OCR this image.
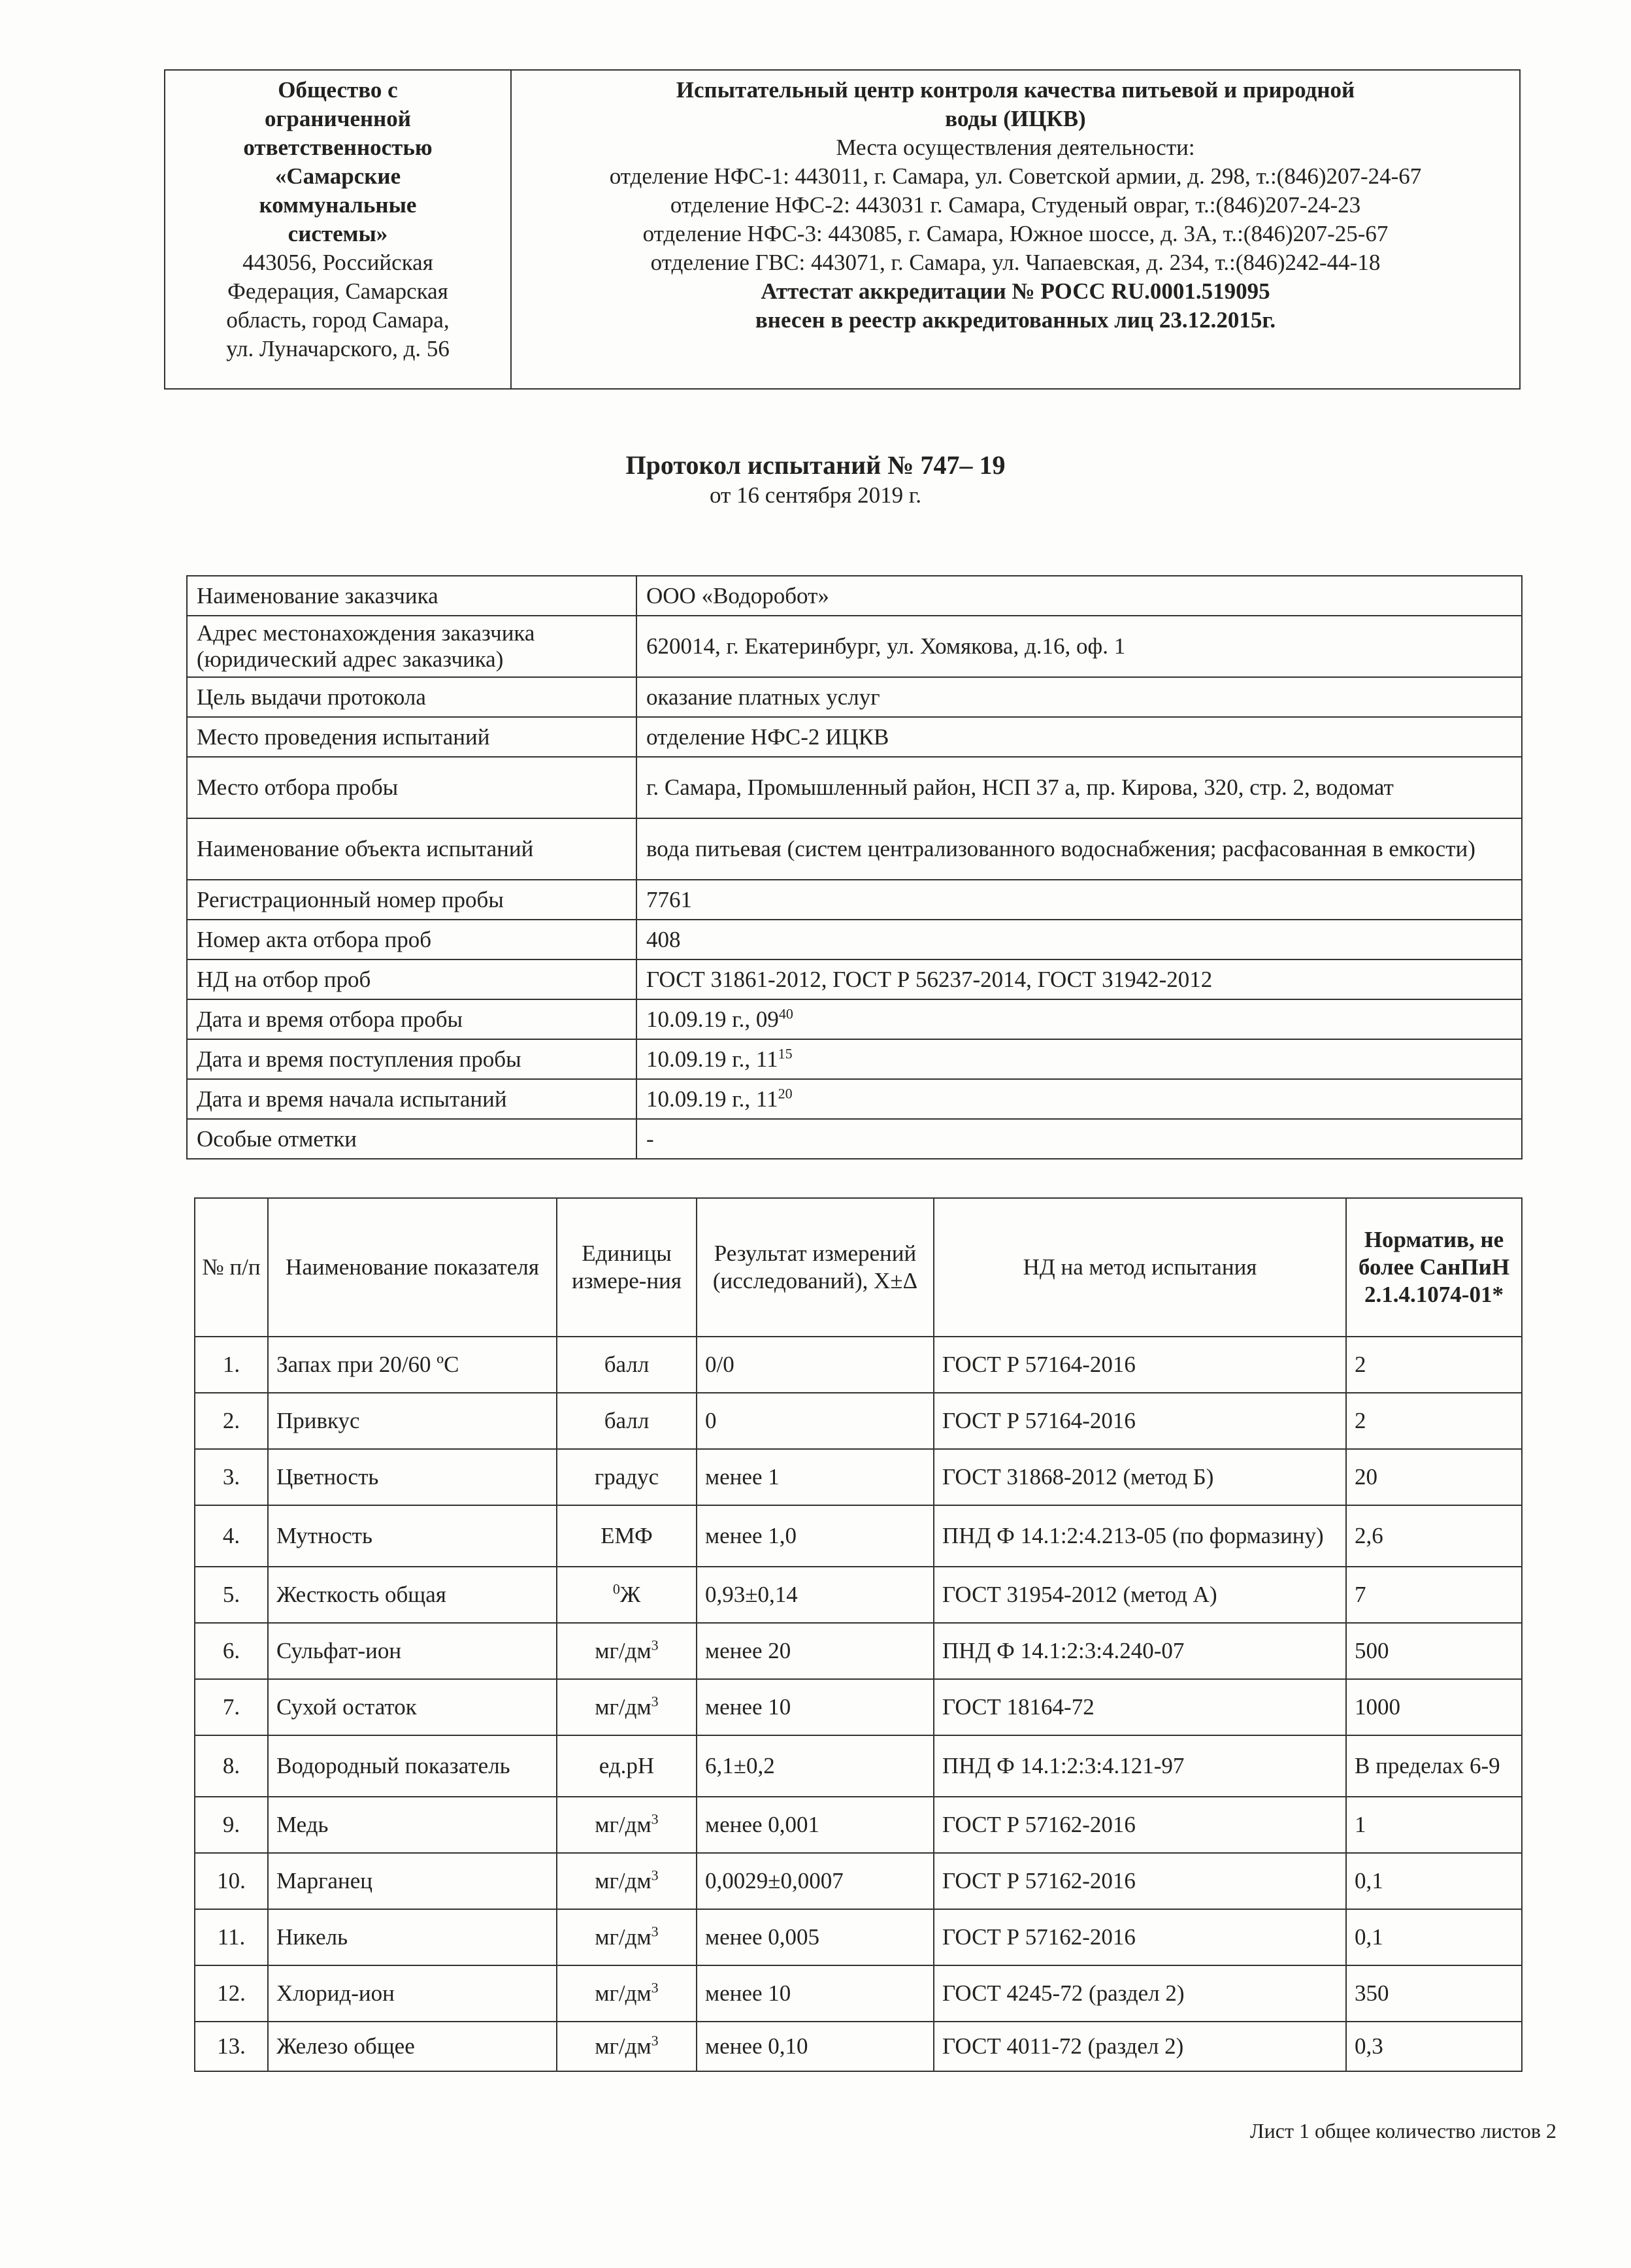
Общество с
ограниченной
ответственностью
«Самарские
коммунальные
системы»
443056, Российская
Федерация, Самарская
область, город Самара,
ул. Луначарского, д. 56

Испытательный центр контроля качества питьевой и природной
воды (ИЦКВ)
Места осуществления деятельности:
отделение НФС-1: 443011, г. Самара, ул. Советской армии, д. 298, т.:(846)207-24-67
отделение НФС-2: 443031 г. Самара, Студеный овраг, т.:(846)207-24-23
отделение НФС-3: 443085, г. Самара, Южное шоссе, д. 3А, т.:(846)207-25-67
отделение ГВС: 443071, г. Самара, ул. Чапаевская, д. 234, т.:(846)242-44-18
Аттестат аккредитации № РОСС RU.0001.519095
внесен в реестр аккредитованных лиц 23.12.2015г.
Протокол испытаний № 747– 19
от 16 сентября 2019 г.
Наименование заказчика	ООО «Водоробот»
Адрес местонахождения заказчика (юридический адрес заказчика)	620014, г. Екатеринбург, ул. Хомякова, д.16, оф. 1
Цель выдачи протокола	оказание платных услуг
Место проведения испытаний	отделение НФС-2 ИЦКВ
Место отбора пробы	г. Самара, Промышленный район, НСП 37 а, пр. Кирова, 320, стр. 2, водомат
Наименование объекта испытаний	вода питьевая (систем централизованного водоснабжения; расфасованная в емкости)
Регистрационный номер пробы	7761
Номер акта отбора проб	408
НД на отбор проб	ГОСТ 31861-2012, ГОСТ Р 56237-2014, ГОСТ 31942-2012
Дата и время отбора пробы	10.09.19 г., $09^{40}$
Дата и время поступления пробы	10.09.19 г., $11^{15}$
Дата и время начала испытаний	10.09.19 г., $11^{20}$
Особые отметки	-
№ п/п	Наименование показателя	Единицы измере-ния	Результат измерений (исследований), X±Δ	НД на метод испытания	Норматив, не более СанПиН 2.1.4.1074-01*
1.	Запах при 20/60 ºС	балл	0/0	ГОСТ Р 57164-2016	2
2.	Привкус	балл	0	ГОСТ Р 57164-2016	2
3.	Цветность	градус	менее 1	ГОСТ 31868-2012 (метод Б)	20
4.	Мутность	ЕМФ	менее 1,0	ПНД Ф 14.1:2:4.213-05 (по формазину)	2,6
5.	Жесткость общая	$^0$Ж	0,93±0,14	ГОСТ 31954-2012 (метод А)	7
6.	Сульфат-ион	$мг/дм^3$	менее 20	ПНД Ф 14.1:2:3:4.240-07	500
7.	Сухой остаток	$мг/дм^3$	менее 10	ГОСТ 18164-72	1000
8.	Водородный показатель	ед.pH	6,1±0,2	ПНД Ф 14.1:2:3:4.121-97	В пределах 6-9
9.	Медь	$мг/дм^3$	менее 0,001	ГОСТ Р 57162-2016	1
10.	Марганец	$мг/дм^3$	0,0029±0,0007	ГОСТ Р 57162-2016	0,1
11.	Никель	$мг/дм^3$	менее 0,005	ГОСТ Р 57162-2016	0,1
12.	Хлорид-ион	$мг/дм^3$	менее 10	ГОСТ 4245-72 (раздел 2)	350
13.	Железо общее	$мг/дм^3$	менее 0,10	ГОСТ 4011-72 (раздел 2)	0,3
Лист 1 общее количество листов 2
